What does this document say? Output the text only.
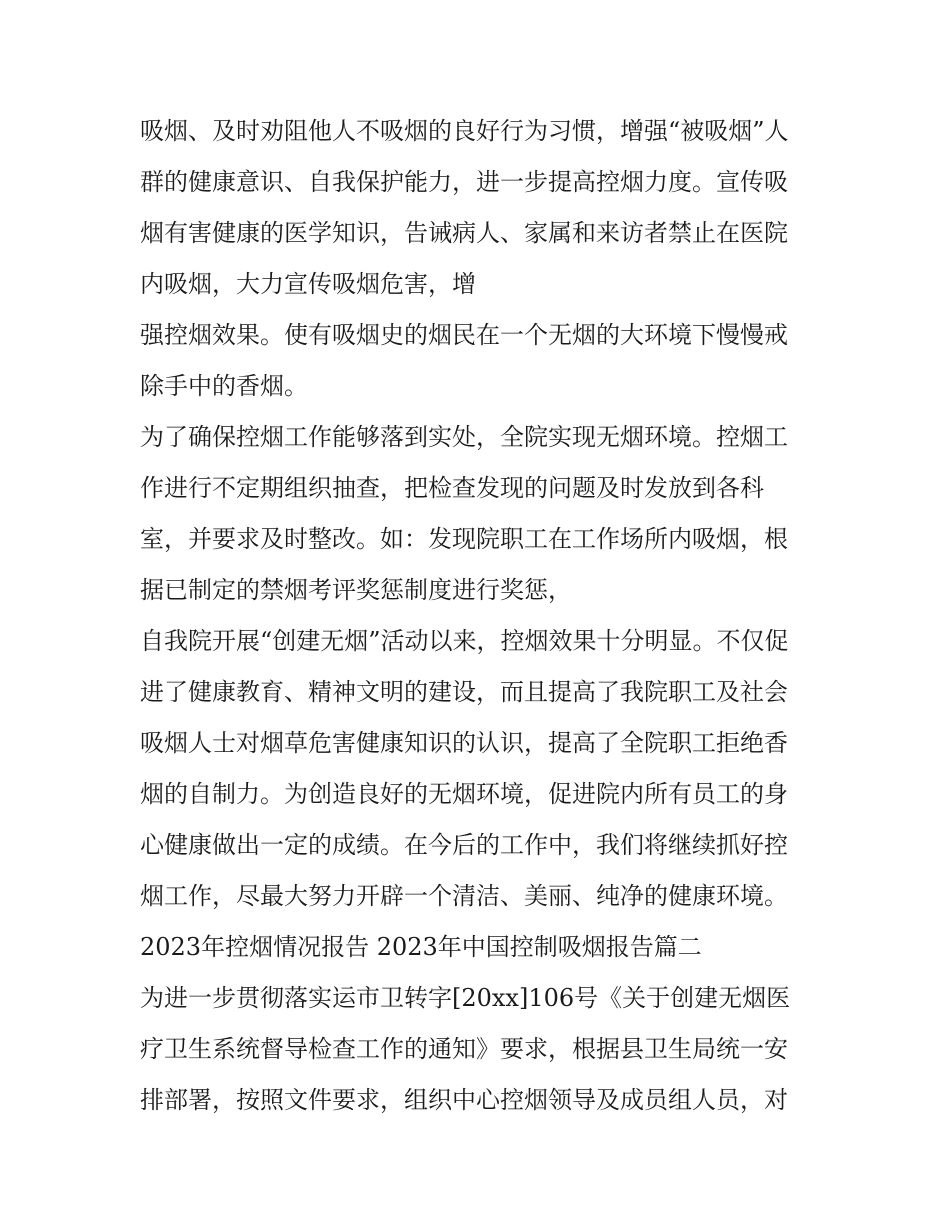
吸烟、及时劝阻他人不吸烟的良好行为习惯，增强“被吸烟”人
群的健康意识、自我保护能力，进一步提高控烟力度。宣传吸
烟有害健康的医学知识，告诫病人、家属和来访者禁止在医院
内吸烟，大力宣传吸烟危害，增
强控烟效果。使有吸烟史的烟民在一个无烟的大环境下慢慢戒
除手中的香烟。
为了确保控烟工作能够落到实处，全院实现无烟环境。控烟工
作进行不定期组织抽查，把检查发现的问题及时发放到各科
室，并要求及时整改。如：发现院职工在工作场所内吸烟，根
据已制定的禁烟考评奖惩制度进行奖惩，
自我院开展“创建无烟”活动以来，控烟效果十分明显。不仅促
进了健康教育、精神文明的建设，而且提高了我院职工及社会
吸烟人士对烟草危害健康知识的认识，提高了全院职工拒绝香
烟的自制力。为创造良好的无烟环境，促进院内所有员工的身
心健康做出一定的成绩。在今后的工作中，我们将继续抓好控
烟工作，尽最大努力开辟一个清洁、美丽、纯净的健康环境。
2023年控烟情况报告 2023年中国控制吸烟报告篇二
为进一步贯彻落实运市卫转字[20xx]106号《关于创建无烟医
疗卫生系统督导检查工作的通知》要求，根据县卫生局统一安
排部署，按照文件要求，组织中心控烟领导及成员组人员，对
